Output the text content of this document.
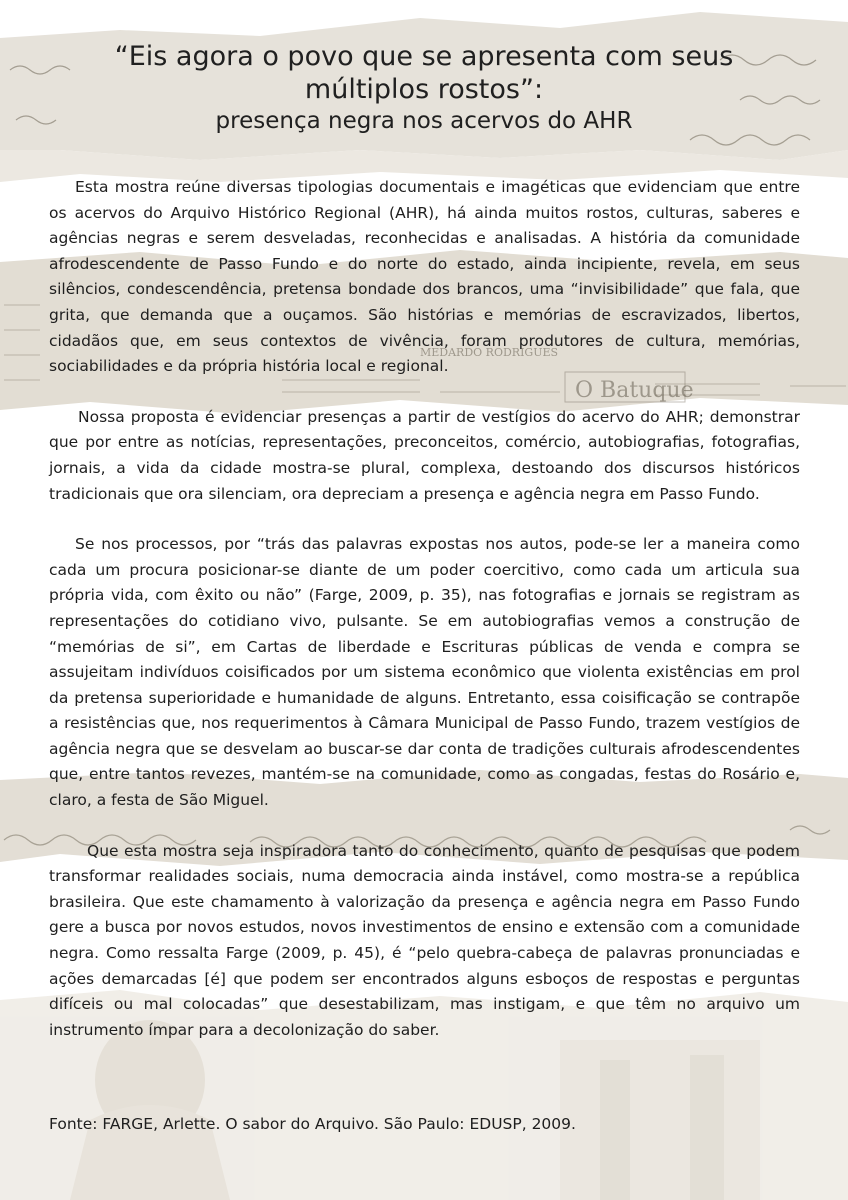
MEDARDO RODRIGUES
O Batuque
“Eis agora o povo que se apresenta com seus
múltiplos rostos”:

presença negra nos acervos do AHR

Esta mostra reúne diversas tipologias documentais e imagéticas que evidenciam que entre os acervos do Arquivo Histórico Regional (AHR), há ainda muitos rostos, culturas, saberes e agências negras e serem desveladas, reconhecidas e analisadas. A história da comunidade afrodescendente de Passo Fundo e do norte do estado, ainda incipiente, revela, em seus silêncios, condescendência, pretensa bondade dos brancos, uma “invisibilidade” que fala, que grita, que demanda que a ouçamos. São histórias e memórias de escravizados, libertos, cidadãos que, em seus contextos de vivência, foram produtores de cultura, memórias, sociabilidades e da própria história local e regional.

Nossa proposta é evidenciar presenças a partir de vestígios do acervo do AHR; demonstrar que por entre as notícias, representações, preconceitos, comércio, autobiografias, fotografias, jornais, a vida da cidade mostra-se plural, complexa, destoando dos discursos históricos tradicionais que ora silenciam, ora depreciam a presença e agência negra em Passo Fundo.

Se nos processos, por “trás das palavras expostas nos autos, pode-se ler a maneira como cada um procura posicionar-se diante de um poder coercitivo, como cada um articula sua própria vida, com êxito ou não” (Farge, 2009, p. 35), nas fotografias e jornais se registram as representações do cotidiano vivo, pulsante. Se em autobiografias vemos a construção de “memórias de si”, em Cartas de liberdade e Escrituras públicas de venda e compra se assujeitam indivíduos coisificados por um sistema econômico que violenta existências em prol da pretensa superioridade e humanidade de alguns. Entretanto, essa coisificação se contrapõe a resistências que, nos requerimentos à Câmara Municipal de Passo Fundo, trazem vestígios de agência negra que se desvelam ao buscar-se dar conta de tradições culturais afrodescendentes que, entre tantos revezes, mantém-se na comunidade, como as congadas, festas do Rosário e, claro, a festa de São Miguel.

Que esta mostra seja inspiradora tanto do conhecimento, quanto de pesquisas que podem transformar realidades sociais, numa democracia ainda instável, como mostra-se a república brasileira. Que este chamamento à valorização da presença e agência negra em Passo Fundo gere a busca por novos estudos, novos investimentos de ensino e extensão com a comunidade negra. Como ressalta Farge (2009, p. 45), é “pelo quebra-cabeça de palavras pronunciadas e ações demarcadas [é] que podem ser encontrados alguns esboços de respostas e perguntas difíceis ou mal colocadas” que desestabilizam, mas instigam, e que têm no arquivo um instrumento ímpar para a decolonização do saber.

Fonte: FARGE, Arlette. O sabor do Arquivo. São Paulo: EDUSP, 2009.
